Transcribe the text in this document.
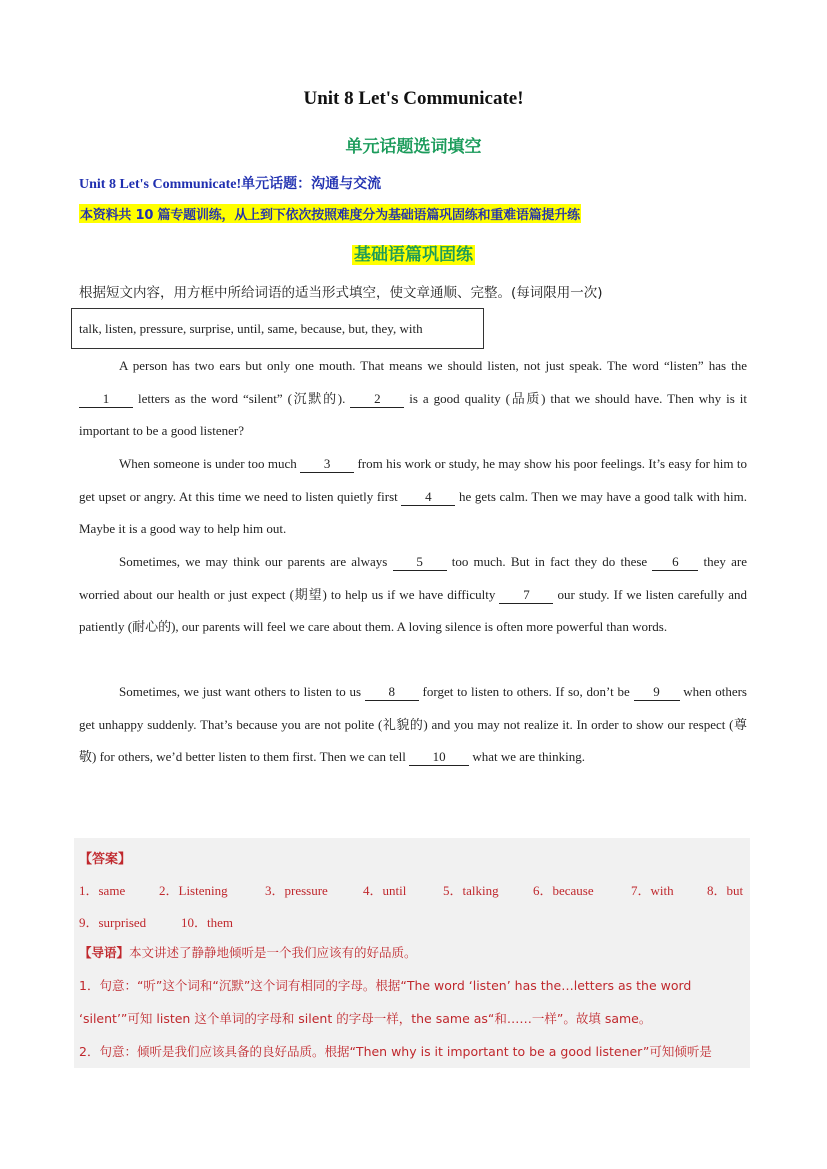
Unit 8 Let's Communicate!
单元话题选词填空
Unit 8 Let's Communicate!单元话题：沟通与交流
本资料共 10 篇专题训练，从上到下依次按照难度分为基础语篇巩固练和重难语篇提升练
基础语篇巩固练
根据短文内容，用方框中所给词语的适当形式填空，使文章通顺、完整。(每词限用一次)
talk, listen, pressure, surprise, until, same, because, but, they, with
A person has two ears but only one mouth. That means we should listen, not just speak. The word “listen” has the 1 letters as the word “silent” (沉默的). 2 is a good quality (品质) that we should have. Then why is it important to be a good listener?
When someone is under too much 3 from his work or study, he may show his poor feelings. It’s easy for him to get upset or angry. At this time we need to listen quietly first 4 he gets calm. Then we may have a good talk with him. Maybe it is a good way to help him out.
Sometimes, we may think our parents are always 5 too much. But in fact they do these 6 they are worried about our health or just expect (期望) to help us if we have difficulty 7 our study. If we listen carefully and patiently (耐心的), our parents will feel we care about them. A loving silence is often more powerful than words.
Sometimes, we just want others to listen to us 8 forget to listen to others. If so, don’t be 9 when others get unhappy suddenly. That’s because you are not polite (礼貌的) and you may not realize it. In order to show our respect (尊敬) for others, we’d better listen to them first. Then we can tell 10 what we are thinking.
【答案】
1．same	2．Listening	3．pressure	4．until	5．talking	6．because	7．with	8．but
9．surprised	10．them
【导语】本文讲述了静静地倾听是一个我们应该有的好品质。
1．句意：“听”这个词和“沉默”这个词有相同的字母。根据“The word ‘listen’ has the…letters as the word
‘silent’”可知 listen 这个单词的字母和 silent 的字母一样，the same as“和……一样”。故填 same。
2．句意：倾听是我们应该具备的良好品质。根据“Then why is it important to be a good listener”可知倾听是
